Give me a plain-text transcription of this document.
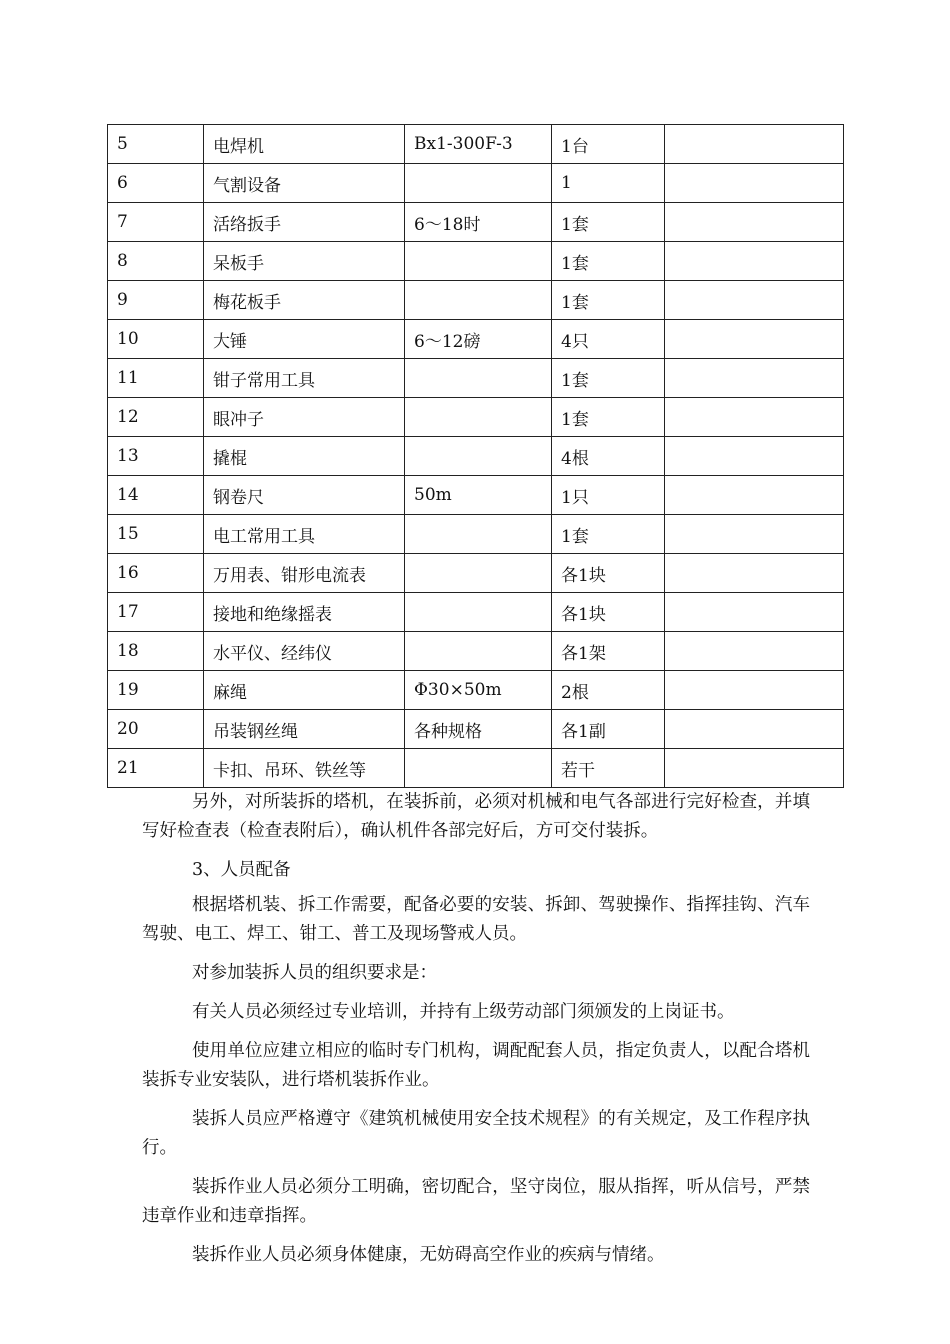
5	电焊机	Bx1-300F-3	1台	
6	气割设备		1	
7	活络扳手	6～18时	1套	
8	呆板手		1套	
9	梅花板手		1套	
10	大锤	6～12磅	4只	
11	钳子常用工具		1套	
12	眼冲子		1套	
13	撬棍		4根	
14	钢卷尺	50m	1只	
15	电工常用工具		1套	
16	万用表、钳形电流表		各1块	
17	接地和绝缘摇表		各1块	
18	水平仪、经纬仪		各1架	
19	麻绳	Φ30×50m	2根	
20	吊装钢丝绳	各种规格	各1副	
21	卡扣、吊环、铁丝等		若干	

另外，对所装拆的塔机，在装拆前，必须对机械和电气各部进行完好检查，并填写好检查表（检查表附后），确认机件各部完好后，方可交付装拆。

3、人员配备

根据塔机装、拆工作需要，配备必要的安装、拆卸、驾驶操作、指挥挂钩、汽车驾驶、电工、焊工、钳工、普工及现场警戒人员。

对参加装拆人员的组织要求是：

有关人员必须经过专业培训，并持有上级劳动部门须颁发的上岗证书。

使用单位应建立相应的临时专门机构，调配配套人员，指定负责人，以配合塔机装拆专业安装队，进行塔机装拆作业。

装拆人员应严格遵守《建筑机械使用安全技术规程》的有关规定，及工作程序执行。

装拆作业人员必须分工明确，密切配合，坚守岗位，服从指挥，听从信号，严禁违章作业和违章指挥。

装拆作业人员必须身体健康，无妨碍高空作业的疾病与情绪。
